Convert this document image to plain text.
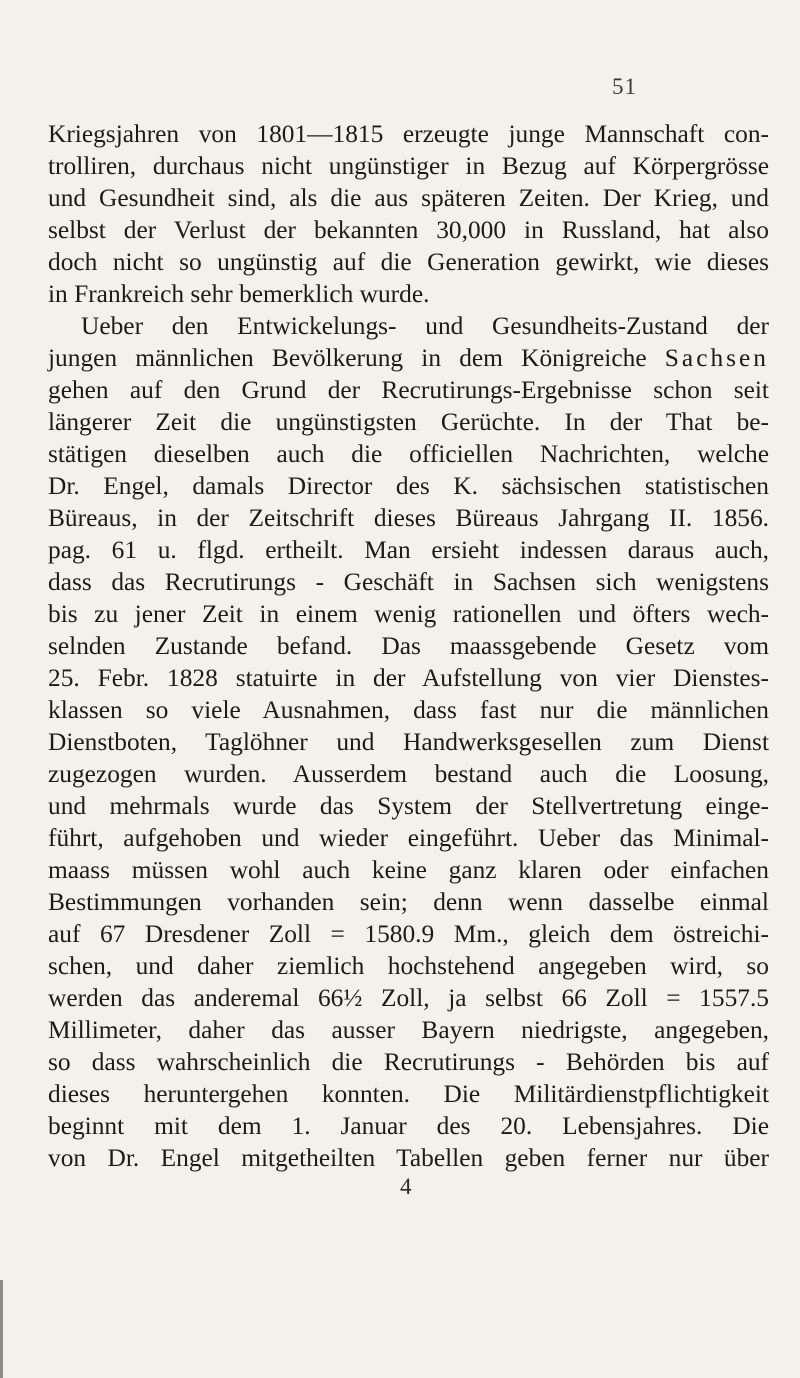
51
Kriegsjahren von 1801—1815 erzeugte junge Mannschaft con-
trolliren, durchaus nicht ungünstiger in Bezug auf Körpergrösse
und Gesundheit sind, als die aus späteren Zeiten. Der Krieg, und
selbst der Verlust der bekannten 30,000 in Russland, hat also
doch nicht so ungünstig auf die Generation gewirkt, wie dieses
in Frankreich sehr bemerklich wurde.
Ueber den Entwickelungs- und Gesundheits-Zustand der
jungen männlichen Bevölkerung in dem Königreiche Sachsen
gehen auf den Grund der Recrutirungs-Ergebnisse schon seit
längerer Zeit die ungünstigsten Gerüchte. In der That be-
stätigen dieselben auch die officiellen Nachrichten, welche
Dr. Engel, damals Director des K. sächsischen statistischen
Büreaus, in der Zeitschrift dieses Büreaus Jahrgang II. 1856.
pag. 61 u. flgd. ertheilt. Man ersieht indessen daraus auch,
dass das Recrutirungs - Geschäft in Sachsen sich wenigstens
bis zu jener Zeit in einem wenig rationellen und öfters wech-
selnden Zustande befand. Das maassgebende Gesetz vom
25. Febr. 1828 statuirte in der Aufstellung von vier Dienstes-
klassen so viele Ausnahmen, dass fast nur die männlichen
Dienstboten, Taglöhner und Handwerksgesellen zum Dienst
zugezogen wurden. Ausserdem bestand auch die Loosung,
und mehrmals wurde das System der Stellvertretung einge-
führt, aufgehoben und wieder eingeführt. Ueber das Minimal-
maass müssen wohl auch keine ganz klaren oder einfachen
Bestimmungen vorhanden sein; denn wenn dasselbe einmal
auf 67 Dresdener Zoll = 1580.9 Mm., gleich dem östreichi-
schen, und daher ziemlich hochstehend angegeben wird, so
werden das anderemal 66½ Zoll, ja selbst 66 Zoll = 1557.5
Millimeter, daher das ausser Bayern niedrigste, angegeben,
so dass wahrscheinlich die Recrutirungs - Behörden bis auf
dieses heruntergehen konnten. Die Militärdienstpflichtigkeit
beginnt mit dem 1. Januar des 20. Lebensjahres. Die
von Dr. Engel mitgetheilten Tabellen geben ferner nur über
4
